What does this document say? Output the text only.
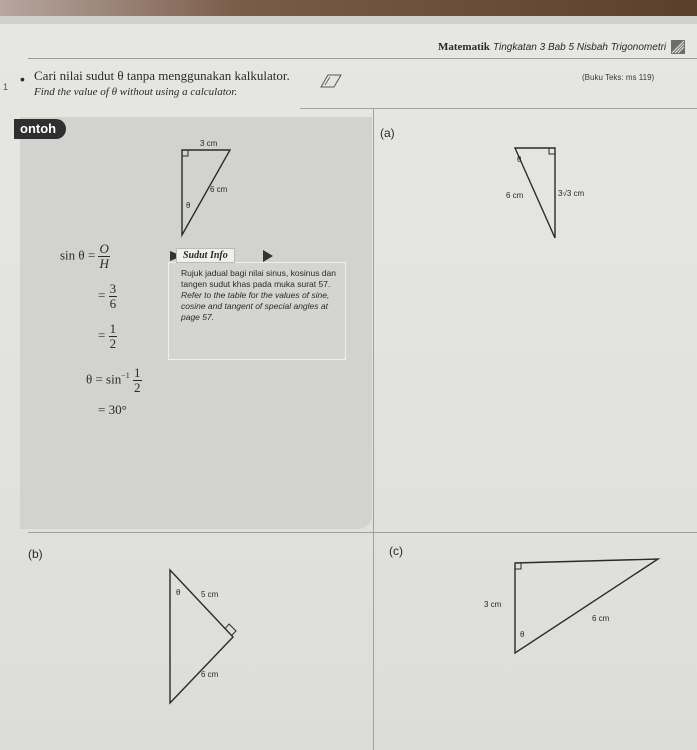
Matematik Tingkatan 3 Bab 5 Nisbah Trigonometri
1 • Cari nilai sudut θ tanpa menggunakan kalkulator.
Find the value of θ without using a calculator.
(Buku Teks: ms 119)
ontoh
3 cm
6 cm
θ
$\sin \theta = \frac{O}{H}$
= $\frac{3}{6}$
= $\frac{1}{2}$
$\theta = \sin^{-1} \frac{1}{2}$
= 30°
Sudut Info
Rujuk jadual bagi nilai sinus, kosinus dan tangen sudut khas pada muka surat 57.
Refer to the table for the values of sine, cosine and tangent of special angles at page 57.
(a)
θ
6 cm	3√3 cm
(b)
θ	5 cm
6 cm
(c)
3 cm
6 cm
θ
